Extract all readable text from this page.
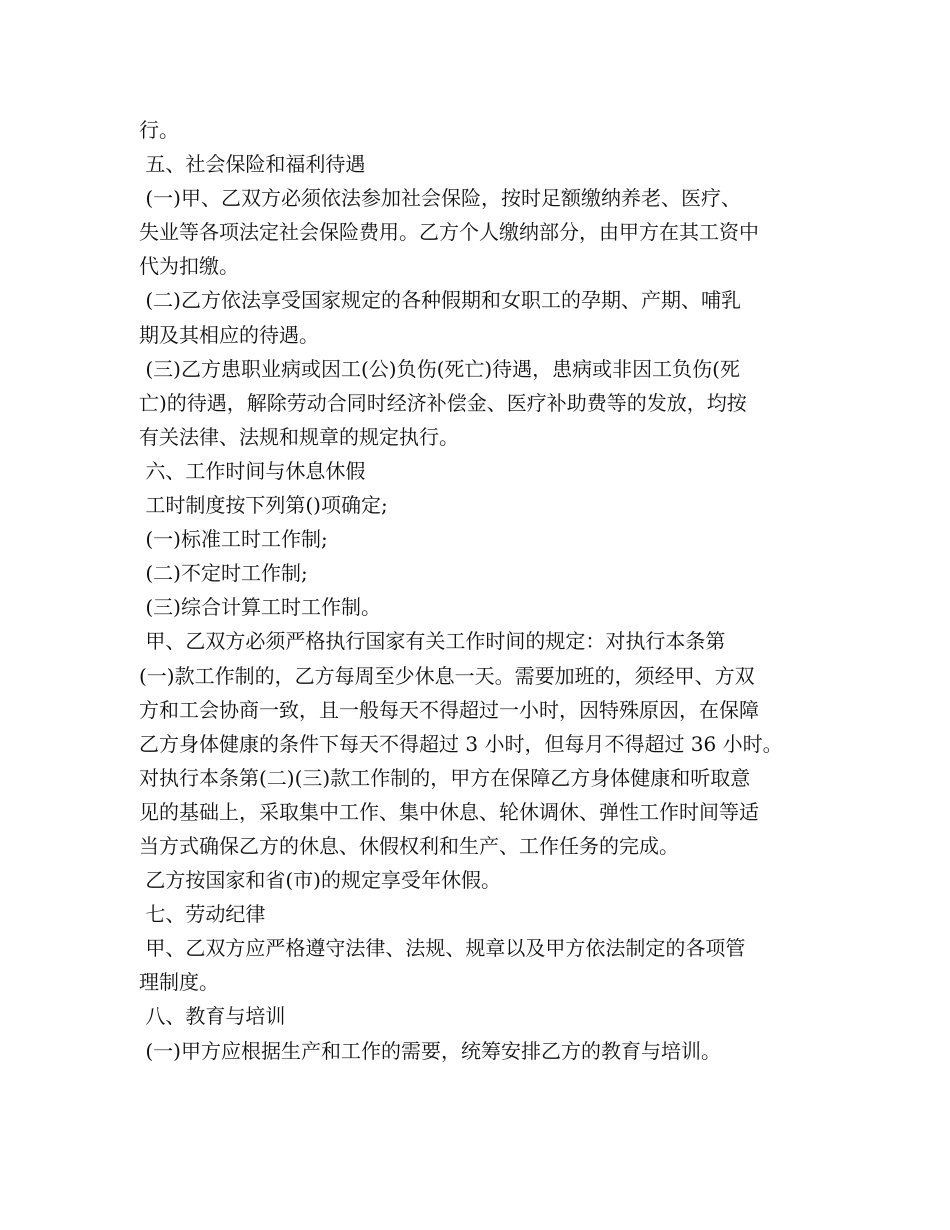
行。
五、社会保险和福利待遇
(一)甲、乙双方必须依法参加社会保险，按时足额缴纳养老、医疗、
失业等各项法定社会保险费用。乙方个人缴纳部分，由甲方在其工资中
代为扣缴。
(二)乙方依法享受国家规定的各种假期和女职工的孕期、产期、哺乳
期及其相应的待遇。
(三)乙方患职业病或因工(公)负伤(死亡)待遇，患病或非因工负伤(死
亡)的待遇，解除劳动合同时经济补偿金、医疗补助费等的发放，均按
有关法律、法规和规章的规定执行。
六、工作时间与休息休假
工时制度按下列第()项确定;
(一)标准工时工作制;
(二)不定时工作制;
(三)综合计算工时工作制。
甲、乙双方必须严格执行国家有关工作时间的规定：对执行本条第
(一)款工作制的，乙方每周至少休息一天。需要加班的，须经甲、方双
方和工会协商一致，且一般每天不得超过一小时，因特殊原因，在保障
乙方身体健康的条件下每天不得超过 3 小时，但每月不得超过 36 小时。
对执行本条第(二)(三)款工作制的，甲方在保障乙方身体健康和听取意
见的基础上，采取集中工作、集中休息、轮休调休、弹性工作时间等适
当方式确保乙方的休息、休假权利和生产、工作任务的完成。
乙方按国家和省(市)的规定享受年休假。
七、劳动纪律
甲、乙双方应严格遵守法律、法规、规章以及甲方依法制定的各项管
理制度。
八、教育与培训
(一)甲方应根据生产和工作的需要，统筹安排乙方的教育与培训。
